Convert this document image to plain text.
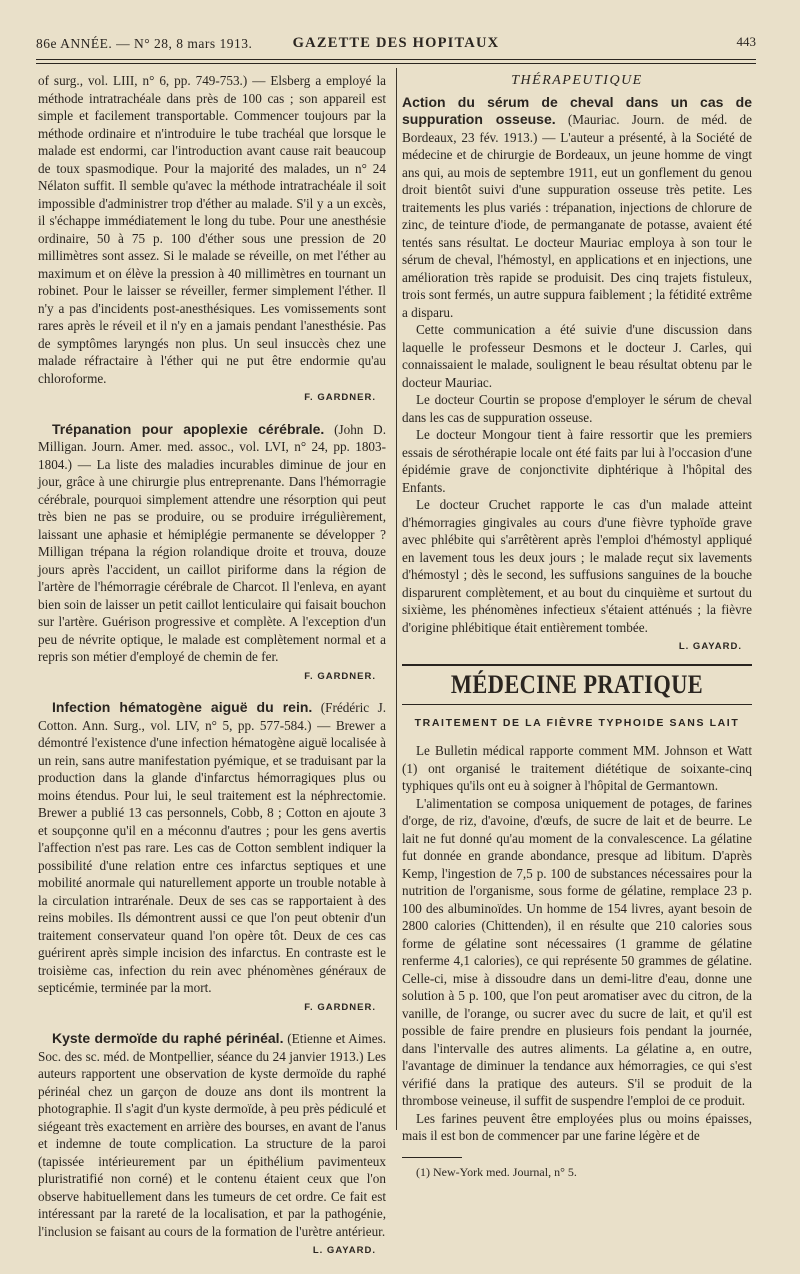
86e ANNÉE. — N° 28, 8 mars 1913.	GAZETTE DES HOPITAUX	443

of surg., vol. LIII, n° 6, pp. 749-753.) — Elsberg a employé la méthode intratrachéale dans près de 100 cas ; son appareil est simple et facilement transportable. Commencer toujours par la méthode ordinaire et n'introduire le tube trachéal que lorsque le malade est endormi, car l'introduction avant cause rait beaucoup de toux spasmodique. Pour la majorité des malades, un n° 24 Nélaton suffit. Il semble qu'avec la méthode intratrachéale il soit impossible d'administrer trop d'éther au malade. S'il y a un excès, il s'échappe immédiatement le long du tube. Pour une anesthésie ordinaire, 50 à 75 p. 100 d'éther sous une pression de 20 millimètres sont assez. Si le malade se réveille, on met l'éther au maximum et on élève la pression à 40 millimètres en tournant un robinet. Pour le laisser se réveiller, fermer simplement l'éther. Il n'y a pas d'incidents post-anesthésiques. Les vomissements sont rares après le réveil et il n'y en a jamais pendant l'anesthésie. Pas de symptômes laryngés non plus. Un seul insuccès chez une malade réfractaire à l'éther qui ne put être endormie qu'au chloroforme.

F. GARDNER.

Trépanation pour apoplexie cérébrale. (John D. Milligan. Journ. Amer. med. assoc., vol. LVI, n° 24, pp. 1803-1804.) — La liste des maladies incurables diminue de jour en jour, grâce à une chirurgie plus entreprenante. Dans l'hémorragie cérébrale, pourquoi simplement attendre une résorption qui peut très bien ne pas se produire, ou se produire irrégulièrement, laissant une aphasie et hémiplégie permanente se développer ? Milligan trépana la région rolandique droite et trouva, douze jours après l'accident, un caillot piriforme dans la région de l'artère de l'hémorragie cérébrale de Charcot. Il l'enleva, en ayant bien soin de laisser un petit caillot lenticulaire qui faisait bouchon sur l'artère. Guérison progressive et complète. A l'exception d'un peu de névrite optique, le malade est complètement normal et a repris son métier d'employé de chemin de fer.

F. GARDNER.

Infection hématogène aiguë du rein. (Frédéric J. Cotton. Ann. Surg., vol. LIV, n° 5, pp. 577-584.) — Brewer a démontré l'existence d'une infection hématogène aiguë localisée à un rein, sans autre manifestation pyémique, et se traduisant par la production dans la glande d'infarctus hémorragiques plus ou moins étendus. Pour lui, le seul traitement est la néphrectomie. Brewer a publié 13 cas personnels, Cobb, 8 ; Cotton en ajoute 3 et soupçonne qu'il en a méconnu d'autres ; pour les gens avertis l'affection n'est pas rare. Les cas de Cotton semblent indiquer la possibilité d'une relation entre ces infarctus septiques et une mobilité anormale qui naturellement apporte un trouble notable à la circulation intrarénale. Deux de ses cas se rapportaient à des reins mobiles. Ils démontrent aussi ce que l'on peut obtenir d'un traitement conservateur quand l'on opère tôt. Deux de ces cas guérirent après simple incision des infarctus. En contraste est le troisième cas, infection du rein avec phénomènes généraux de septicémie, terminée par la mort.

F. GARDNER.

Kyste dermoïde du raphé périnéal. (Etienne et Aimes. Soc. des sc. méd. de Montpellier, séance du 24 janvier 1913.) Les auteurs rapportent une observation de kyste dermoïde du raphé périnéal chez un garçon de douze ans dont ils montrent la photographie. Il s'agit d'un kyste dermoïde, à peu près pédiculé et siégeant très exactement en arrière des bourses, en avant de l'anus et indemne de toute complication. La structure de la paroi (tapissée intérieurement par un épithélium pavimenteux pluristratifié non corné) et le contenu étaient ceux que l'on observe habituellement dans les tumeurs de cet ordre. Ce fait est intéressant par la rareté de la localisation, et par la pathogénie, l'inclusion se faisant au cours de la formation de l'urètre antérieur.

L. GAYARD.
THÉRAPEUTIQUE

Action du sérum de cheval dans un cas de suppuration osseuse. (Mauriac. Journ. de méd. de Bordeaux, 23 fév. 1913.) — L'auteur a présenté, à la Société de médecine et de chirurgie de Bordeaux, un jeune homme de vingt ans qui, au mois de septembre 1911, eut un gonflement du genou droit bientôt suivi d'une suppuration osseuse très petite. Les traitements les plus variés : trépanation, injections de chlorure de zinc, de teinture d'iode, de permanganate de potasse, avaient été tentés sans résultat. Le docteur Mauriac employa à son tour le sérum de cheval, l'hémostyl, en applications et en injections, une amélioration très rapide se produisit. Des cinq trajets fistuleux, trois sont fermés, un autre suppura faiblement ; la fétidité extrême a disparu.

Cette communication a été suivie d'une discussion dans laquelle le professeur Desmons et le docteur J. Carles, qui connaissaient le malade, soulignent le beau résultat obtenu par le docteur Mauriac.

Le docteur Courtin se propose d'employer le sérum de cheval dans les cas de suppuration osseuse.

Le docteur Mongour tient à faire ressortir que les premiers essais de sérothérapie locale ont été faits par lui à l'occasion d'une épidémie grave de conjonctivite diphtérique à l'hôpital des Enfants.

Le docteur Cruchet rapporte le cas d'un malade atteint d'hémorragies gingivales au cours d'une fièvre typhoïde grave avec phlébite qui s'arrêtèrent après l'emploi d'hémostyl appliqué en lavement tous les deux jours ; le malade reçut six lavements d'hémostyl ; dès le second, les suffusions sanguines de la bouche disparurent complètement, et au bout du cinquième et surtout du sixième, les phénomènes infectieux s'étaient atténués ; la fièvre d'origine phlébitique était entièrement tombée.

L. GAYARD.
MÉDECINE PRATIQUE
TRAITEMENT DE LA FIÈVRE TYPHOIDE SANS LAIT

Le Bulletin médical rapporte comment MM. Johnson et Watt (1) ont organisé le traitement diététique de soixante-cinq typhiques qu'ils ont eu à soigner à l'hôpital de Germantown.

L'alimentation se composa uniquement de potages, de farines d'orge, de riz, d'avoine, d'œufs, de sucre de lait et de beurre. Le lait ne fut donné qu'au moment de la convalescence. La gélatine fut donnée en grande abondance, presque ad libitum. D'après Kemp, l'ingestion de 7,5 p. 100 de substances nécessaires pour la nutrition de l'organisme, sous forme de gélatine, remplace 23 p. 100 des albuminoïdes. Un homme de 154 livres, ayant besoin de 2800 calories (Chittenden), il en résulte que 210 calories sous forme de gélatine sont nécessaires (1 gramme de gélatine renferme 4,1 calories), ce qui représente 50 grammes de gélatine. Celle-ci, mise à dissoudre dans un demi-litre d'eau, donne une solution à 5 p. 100, que l'on peut aromatiser avec du citron, de la vanille, de l'orange, ou sucrer avec du sucre de lait, et qu'il est possible de faire prendre en plusieurs fois pendant la journée, dans l'intervalle des autres aliments. La gélatine a, en outre, l'avantage de diminuer la tendance aux hémorragies, ce qui s'est vérifié dans la pratique des auteurs. S'il se produit de la thrombose veineuse, il suffit de suspendre l'emploi de ce produit.

Les farines peuvent être employées plus ou moins épaisses, mais il est bon de commencer par une farine légère et de

(1) New-York med. Journal, n° 5.
